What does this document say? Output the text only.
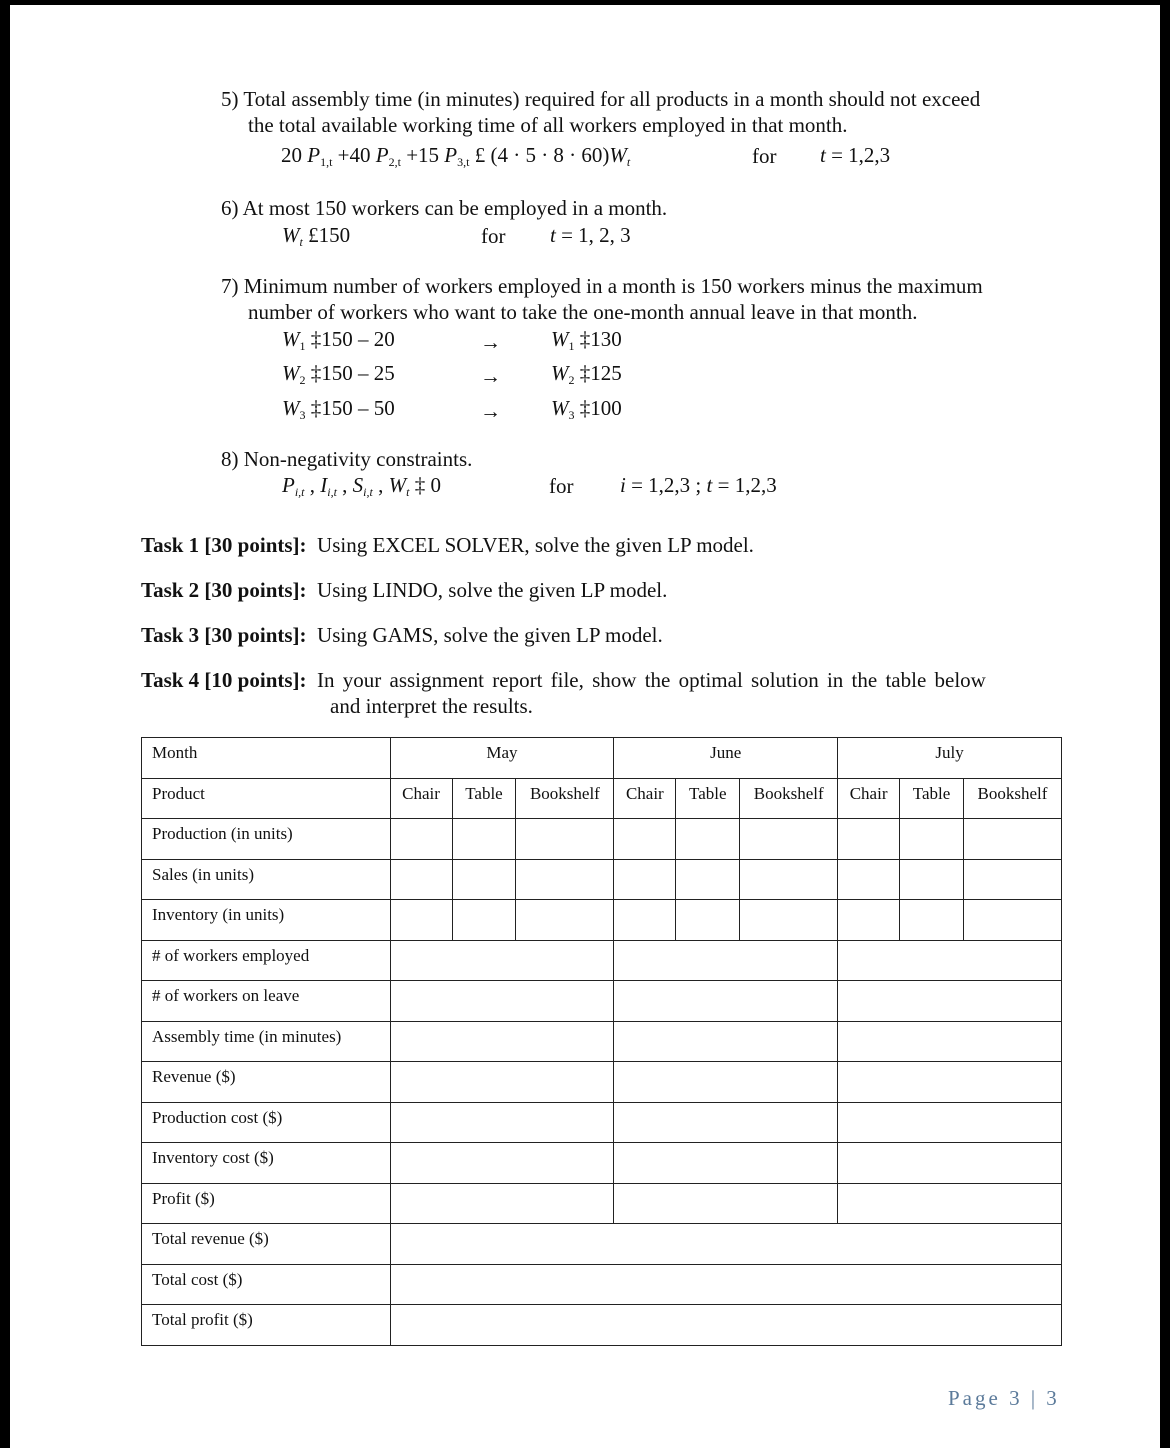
5) Total assembly time (in minutes) required for all products in a month should not exceed
the total available working time of all workers employed in that month.
20 $P_{1,t} +40$ $P_{2,t} +15$ $P_{3,t}$ £ $(4 \cdot 5 \cdot 8 \cdot 60)W_t$	for t = 1,2,3
6) At most 150 workers can be employed in a month.
$W_t$ £150	for t = 1, 2, 3
7) Minimum number of workers employed in a month is 150 workers minus the maximum
number of workers who want to take the one-month annual leave in that month.
$W_1$ ‡150 – 20	→ $W_1$ ‡130
$W_2$ ‡150 – 25	→ $W_2$ ‡125
$W_3$ ‡150 – 50	→ $W_3$ ‡100
8) Non-negativity constraints.
$P_{i,t}$ , $I_{i,t}$ , $S_{i,t}$ , $W_t$ ‡ 0	for i = 1,2,3 ; t = 1,2,3
Task 1 [30 points]: Using EXCEL SOLVER, solve the given LP model.
Task 2 [30 points]: Using LINDO, solve the given LP model.
Task 3 [30 points]: Using GAMS, solve the given LP model.
Task 4 [10 points]: In your assignment report file, show the optimal solution in the table below
and interpret the results.
Month	May			June			July		
Product	Chair	Table	Bookshelf	Chair	Table	Bookshelf	Chair	Table	Bookshelf
Production (in units)									
Sales (in units)									
Inventory (in units)									
# of workers employed									
# of workers on leave									
Assembly time (in minutes)									
Revenue ($)									
Production cost ($)									
Inventory cost ($)									
Profit ($)									
Total revenue ($)									
Total cost ($)									
Total profit ($)									
Page 3 | 3
